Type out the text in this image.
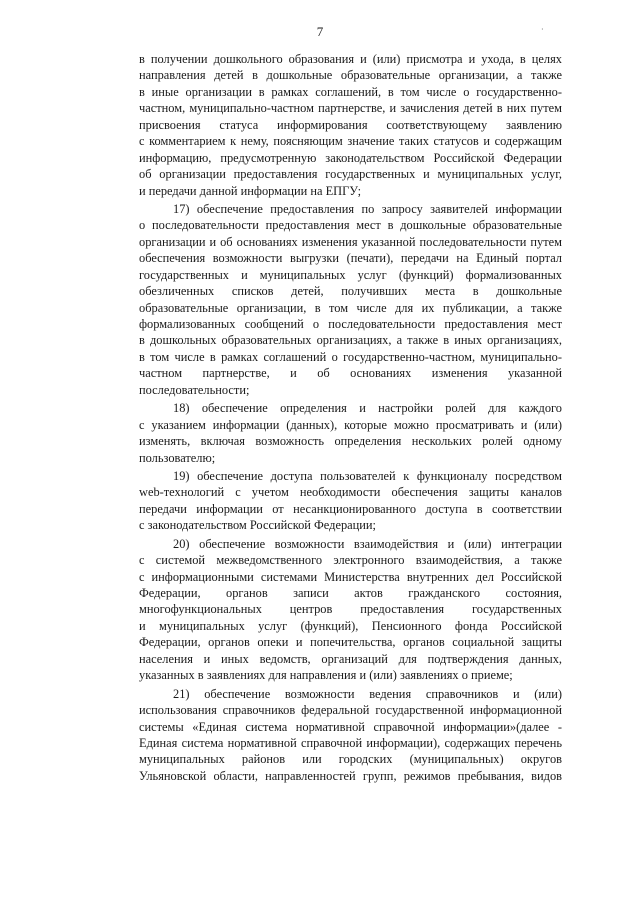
7	·
в получении дошкольного образования и (или) присмотра и ухода, в целях
направления детей в дошкольные образовательные организации, а также
в иные организации в рамках соглашений, в том числе о государственно-
частном, муниципально-частном партнерстве, и зачисления детей в них путем
присвоения статуса информирования соответствующему заявлению
с комментарием к нему, поясняющим значение таких статусов и содержащим
информацию, предусмотренную законодательством Российской Федерации
об организации предоставления государственных и муниципальных услуг,
и передачи данной информации на ЕПГУ;
17) обеспечение предоставления по запросу заявителей информации
о последовательности предоставления мест в дошкольные образовательные
организации и об основаниях изменения указанной последовательности путем
обеспечения возможности выгрузки (печати), передачи на Единый портал
государственных и муниципальных услуг (функций) формализованных
обезличенных списков детей, получивших места в дошкольные
образовательные организации, в том числе для их публикации, а также
формализованных сообщений о последовательности предоставления мест
в дошкольных образовательных организациях, а также в иных организациях,
в том числе в рамках соглашений о государственно-частном, муниципально-
частном партнерстве, и об основаниях изменения указанной
последовательности;
18) обеспечение определения и настройки ролей для каждого
с указанием информации (данных), которые можно просматривать и (или)
изменять, включая возможность определения нескольких ролей одному
пользователю;
19) обеспечение доступа пользователей к функционалу посредством
web-технологий с учетом необходимости обеспечения защиты каналов
передачи информации от несанкционированного доступа в соответствии
с законодательством Российской Федерации;
20) обеспечение возможности взаимодействия и (или) интеграции
с системой межведомственного электронного взаимодействия, а также
с информационными системами Министерства внутренних дел Российской
Федерации, органов записи актов гражданского состояния,
многофункциональных центров предоставления государственных
и муниципальных услуг (функций), Пенсионного фонда Российской
Федерации, органов опеки и попечительства, органов социальной защиты
населения и иных ведомств, организаций для подтверждения данных,
указанных в заявлениях для направления и (или) заявлениях о приеме;
21) обеспечение возможности ведения справочников и (или)
использования справочников федеральной государственной информационной
системы «Единая система нормативной справочной информации»(далее -
Единая система нормативной справочной информации), содержащих перечень
муниципальных районов или городских (муниципальных) округов
Ульяновской области, направленностей групп, режимов пребывания, видов
